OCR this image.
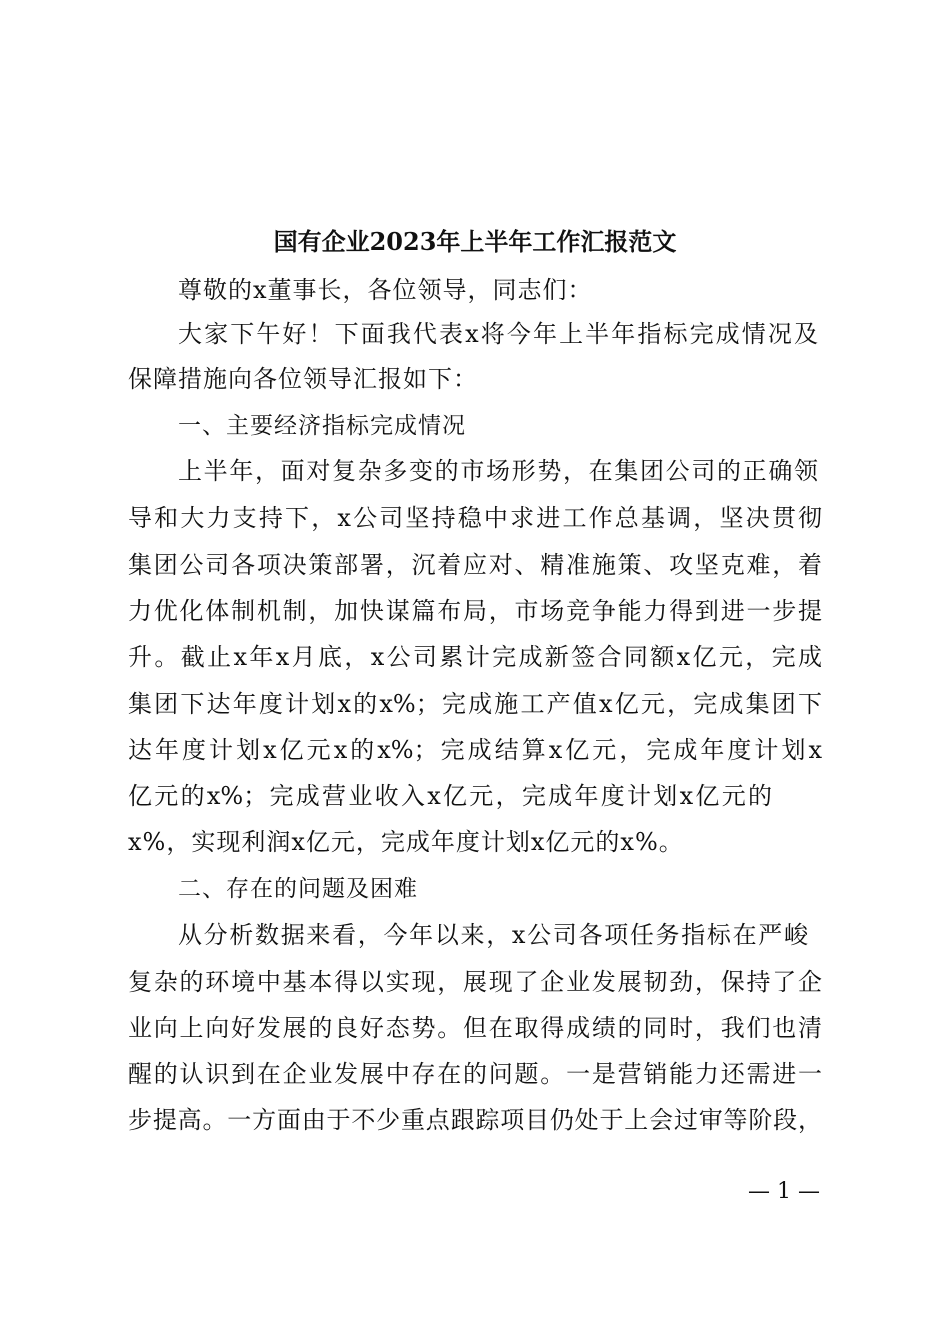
国有企业2023年上半年工作汇报范文
尊敬的x董事长，各位领导，同志们：
大家下午好！下面我代表x将今年上半年指标完成情况及
保障措施向各位领导汇报如下：
一、主要经济指标完成情况
上半年，面对复杂多变的市场形势，在集团公司的正确领
导和大力支持下，x公司坚持稳中求进工作总基调，坚决贯彻
集团公司各项决策部署，沉着应对、精准施策、攻坚克难，着
力优化体制机制，加快谋篇布局，市场竞争能力得到进一步提
升。截止x年x月底，x公司累计完成新签合同额x亿元，完成
集团下达年度计划x的x%；完成施工产值x亿元，完成集团下
达年度计划x亿元x的x%；完成结算x亿元，完成年度计划x
亿元的x%；完成营业收入x亿元，完成年度计划x亿元的
x%，实现利润x亿元，完成年度计划x亿元的x%。
二、存在的问题及困难
从分析数据来看，今年以来，x公司各项任务指标在严峻
复杂的环境中基本得以实现，展现了企业发展韧劲，保持了企
业向上向好发展的良好态势。但在取得成绩的同时，我们也清
醒的认识到在企业发展中存在的问题。一是营销能力还需进一
步提高。一方面由于不少重点跟踪项目仍处于上会过审等阶段，
— 1 —
